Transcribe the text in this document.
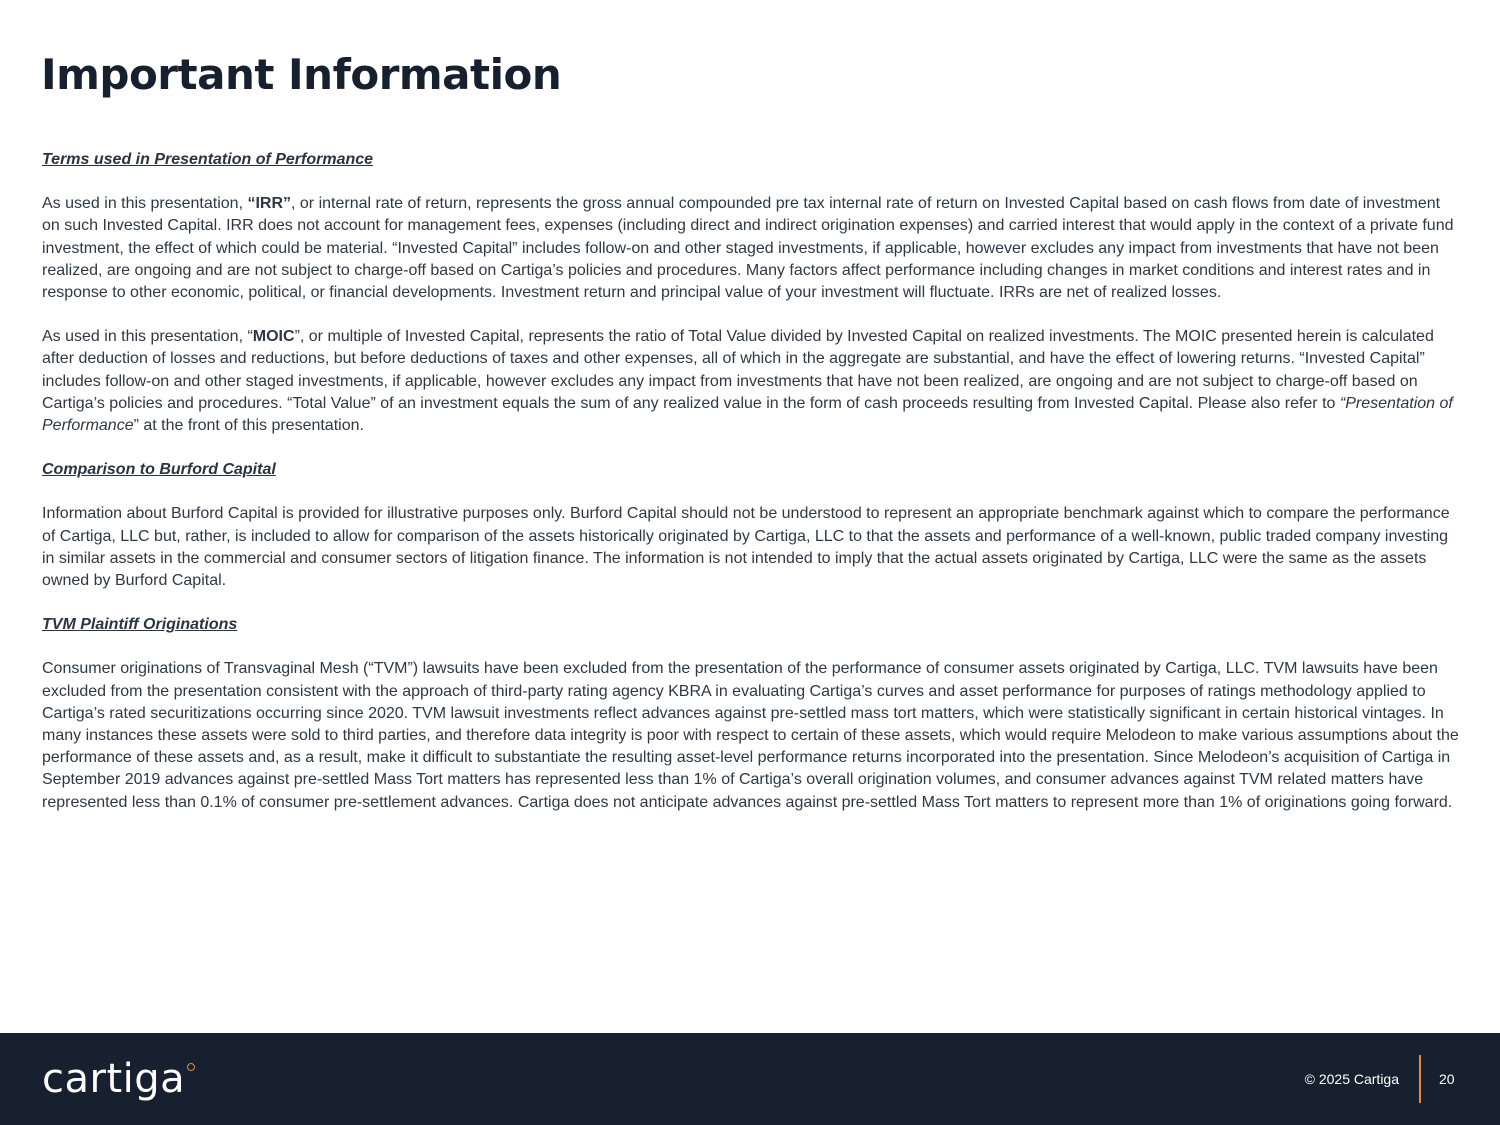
Important Information
Terms used in Presentation of Performance

As used in this presentation, “IRR”, or internal rate of return, represents the gross annual compounded pre tax internal rate of return on Invested Capital based on cash flows from date of investment on such Invested Capital. IRR does not account for management fees, expenses (including direct and indirect origination expenses) and carried interest that would apply in the context of a private fund investment, the effect of which could be material. “Invested Capital” includes follow-on and other staged investments, if applicable, however excludes any impact from investments that have not been realized, are ongoing and are not subject to charge-off based on Cartiga’s policies and procedures. Many factors affect performance including changes in market conditions and interest rates and in response to other economic, political, or financial developments. Investment return and principal value of your investment will fluctuate. IRRs are net of realized losses.

As used in this presentation, “MOIC”, or multiple of Invested Capital, represents the ratio of Total Value divided by Invested Capital on realized investments. The MOIC presented herein is calculated after deduction of losses and reductions, but before deductions of taxes and other expenses, all of which in the aggregate are substantial, and have the effect of lowering returns. “Invested Capital” includes follow-on and other staged investments, if applicable, however excludes any impact from investments that have not been realized, are ongoing and are not subject to charge-off based on Cartiga’s policies and procedures. “Total Value” of an investment equals the sum of any realized value in the form of cash proceeds resulting from Invested Capital. Please also refer to “Presentation of Performance” at the front of this presentation.

Comparison to Burford Capital

Information about Burford Capital is provided for illustrative purposes only. Burford Capital should not be understood to represent an appropriate benchmark against which to compare the performance of Cartiga, LLC but, rather, is included to allow for comparison of the assets historically originated by Cartiga, LLC to that the assets and performance of a well-known, public traded company investing in similar assets in the commercial and consumer sectors of litigation finance. The information is not intended to imply that the actual assets originated by Cartiga, LLC were the same as the assets owned by Burford Capital.

TVM Plaintiff Originations

Consumer originations of Transvaginal Mesh (“TVM”) lawsuits have been excluded from the presentation of the performance of consumer assets originated by Cartiga, LLC. TVM lawsuits have been excluded from the presentation consistent with the approach of third-party rating agency KBRA in evaluating Cartiga’s curves and asset performance for purposes of ratings methodology applied to Cartiga’s rated securitizations occurring since 2020. TVM lawsuit investments reflect advances against pre-settled mass tort matters, which were statistically significant in certain historical vintages. In many instances these assets were sold to third parties, and therefore data integrity is poor with respect to certain of these assets, which would require Melodeon to make various assumptions about the performance of these assets and, as a result, make it difficult to substantiate the resulting asset-level performance returns incorporated into the presentation. Since Melodeon’s acquisition of Cartiga in September 2019 advances against pre-settled Mass Tort matters has represented less than 1% of Cartiga’s overall origination volumes, and consumer advances against TVM related matters have represented less than 0.1% of consumer pre-settlement advances. Cartiga does not anticipate advances against pre-settled Mass Tort matters to represent more than 1% of originations going forward.

cartiga	© 2025 Cartiga	20
